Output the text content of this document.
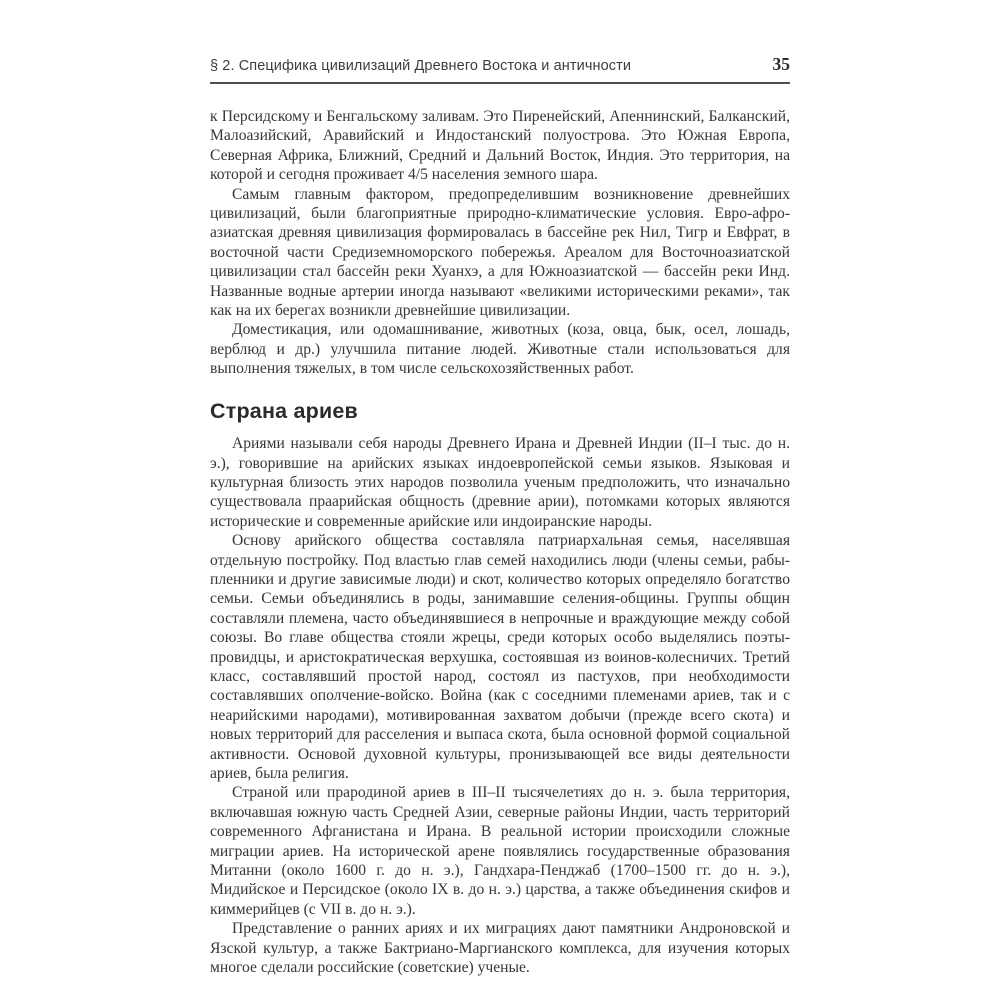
§ 2. Специфика цивилизаций Древнего Востока и античности	35

к Персидскому и Бенгальскому заливам. Это Пиренейский, Апеннинский, Балканский, Малоазийский, Аравийский и Индостанский полуострова. Это Южная Европа, Северная Африка, Ближний, Средний и Дальний Восток, Индия. Это территория, на которой и сегодня проживает 4/5 населения земного шара.

Самым главным фактором, предопределившим возникновение древнейших цивилизаций, были благоприятные природно-климатические условия. Евро-афро-азиатская древняя цивилизация формировалась в бассейне рек Нил, Тигр и Евфрат, в восточной части Средиземноморского побережья. Ареалом для Восточноазиатской цивилизации стал бассейн реки Хуанхэ, а для Южноазиатской — бассейн реки Инд. Названные водные артерии иногда называют «великими историческими реками», так как на их берегах возникли древнейшие цивилизации.

Доместикация, или одомашнивание, животных (коза, овца, бык, осел, лошадь, верблюд и др.) улучшила питание людей. Животные стали использоваться для выполнения тяжелых, в том числе сельскохозяйственных работ.

Страна ариев

Ариями называли себя народы Древнего Ирана и Древней Индии (II–I тыс. до н. э.), говорившие на арийских языках индоевропейской семьи языков. Языковая и культурная близость этих народов позволила ученым предположить, что изначально существовала праарийская общность (древние арии), потомками которых являются исторические и современные арийские или индоиранские народы.

Основу арийского общества составляла патриархальная семья, населявшая отдельную постройку. Под властью глав семей находились люди (члены семьи, рабы-пленники и другие зависимые люди) и скот, количество которых определяло богатство семьи. Семьи объединялись в роды, занимавшие селения-общины. Группы общин составляли племена, часто объединявшиеся в непрочные и враждующие между собой союзы. Во главе общества стояли жрецы, среди которых особо выделялись поэты-провидцы, и аристократическая верхушка, состоявшая из воинов-колесничих. Третий класс, составлявший простой народ, состоял из пастухов, при необходимости составлявших ополчение-войско. Война (как с соседними племенами ариев, так и с неарийскими народами), мотивированная захватом добычи (прежде всего скота) и новых территорий для расселения и выпаса скота, была основной формой социальной активности. Основой духовной культуры, пронизывающей все виды деятельности ариев, была религия.

Страной или прародиной ариев в III–II тысячелетиях до н. э. была территория, включавшая южную часть Средней Азии, северные районы Индии, часть территорий современного Афганистана и Ирана. В реальной истории происходили сложные миграции ариев. На исторической арене появлялись государственные образования Митанни (около 1600 г. до н. э.), Гандхара-Пенджаб (1700–1500 гг. до н. э.), Мидийское и Персидское (около IX в. до н. э.) царства, а также объединения скифов и киммерийцев (с VII в. до н. э.).

Представление о ранних ариях и их миграциях дают памятники Андроновской и Язской культур, а также Бактриано-Маргианского комплекса, для изучения которых многое сделали российские (советские) ученые.
